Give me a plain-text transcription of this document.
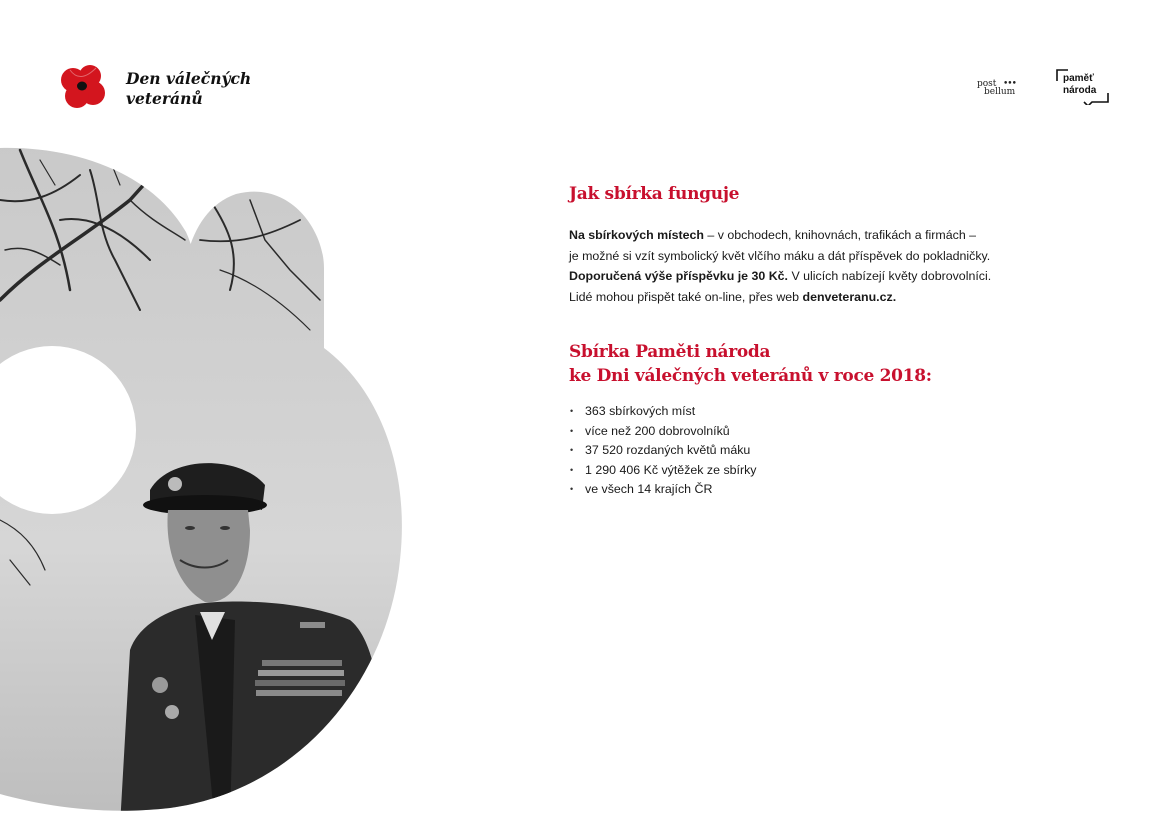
Den válečných
veteránů
post •••
bellum
paměť
národa
Jak sbírka funguje

Na sbírkových místech – v obchodech, knihovnách, trafikách a firmách –
je možné si vzít symbolický květ vlčího máku a dát příspěvek do pokladničky.
Doporučená výše příspěvku je 30 Kč. V ulicích nabízejí květy dobrovolníci.
Lidé mohou přispět také on-line, přes web denveteranu.cz.

Sbírka Paměti národa
ke Dni válečných veteránů v roce 2018:
• 363 sbírkových míst
• více než 200 dobrovolníků
• 37 520 rozdaných květů máku
• 1 290 406 Kč výtěžek ze sbírky
• ve všech 14 krajích ČR
